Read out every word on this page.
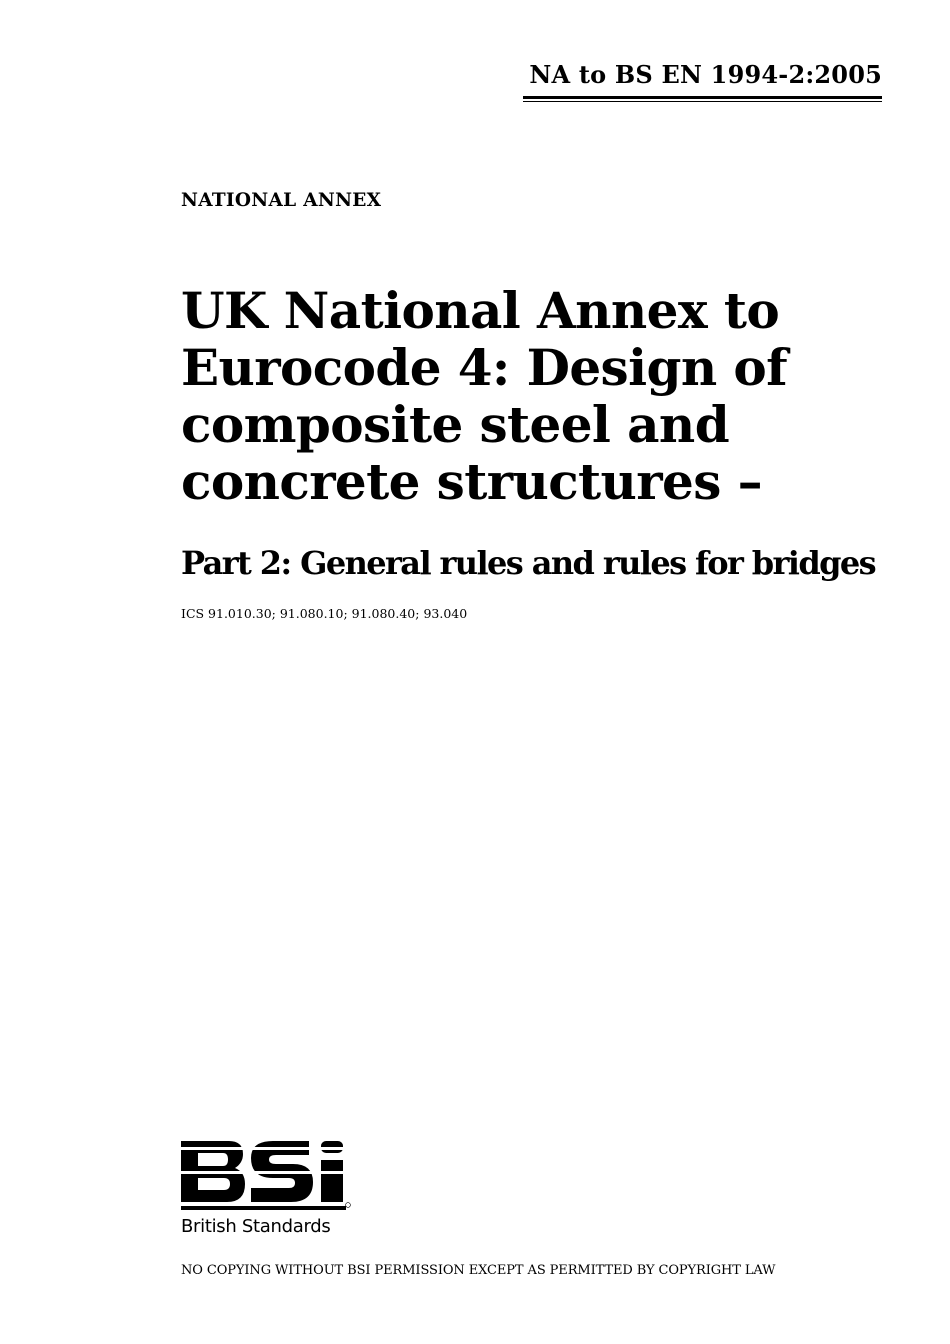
NA to BS EN 1994-2:2005
NATIONAL ANNEX
UK National Annex to
Eurocode 4: Design of
composite steel and
concrete structures –
Part 2: General rules and rules for bridges
ICS 91.010.30; 91.080.10; 91.080.40; 93.040
British Standards
NO COPYING WITHOUT BSI PERMISSION EXCEPT AS PERMITTED BY COPYRIGHT LAW
